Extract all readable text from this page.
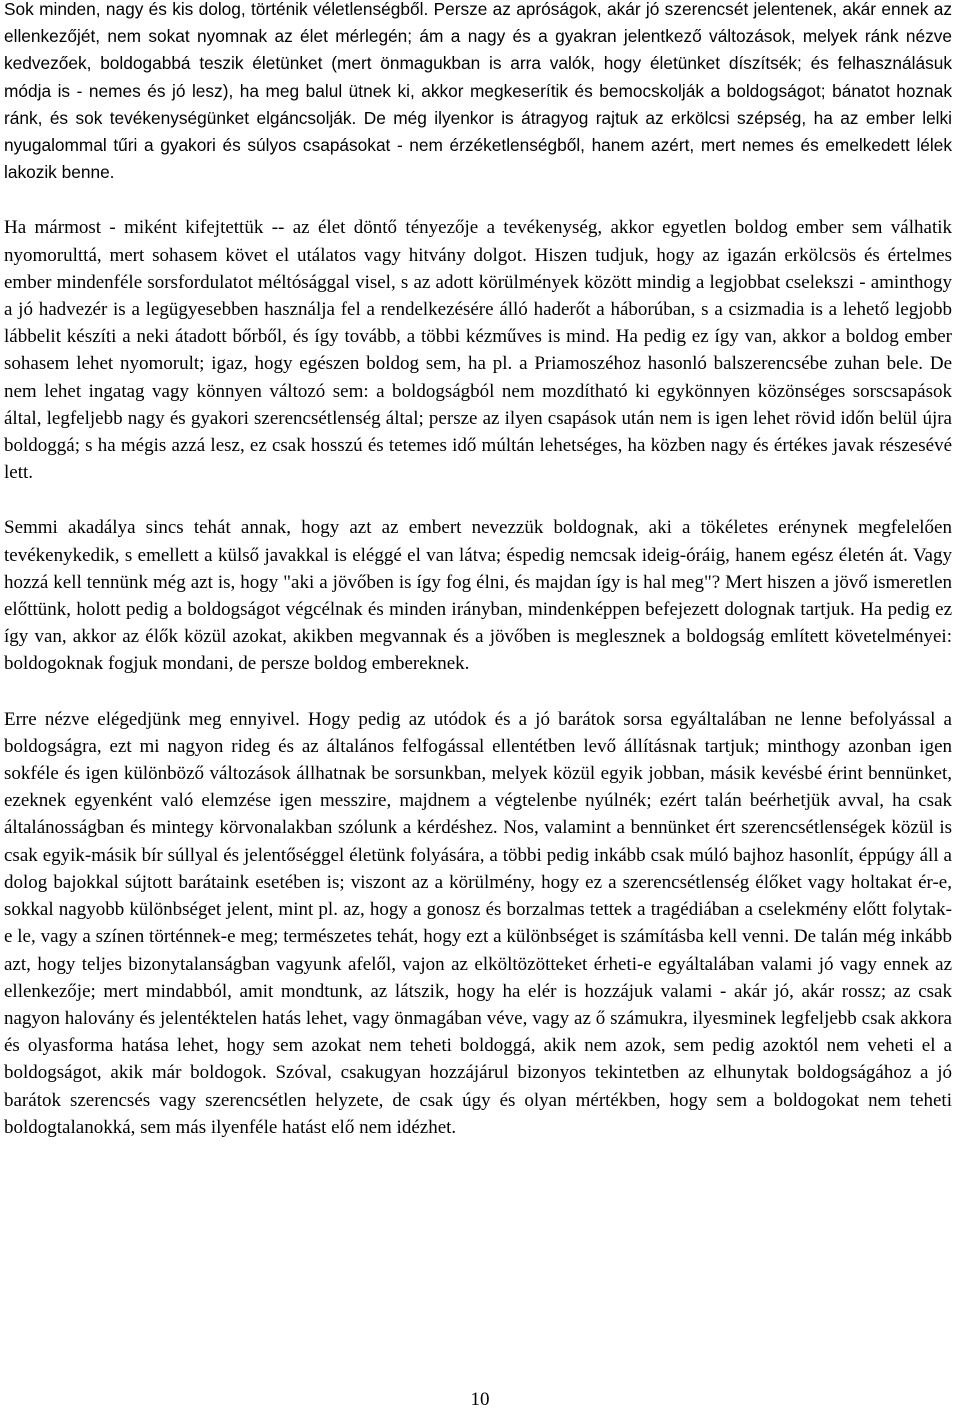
Sok minden, nagy és kis dolog, történik véletlenségből. Persze az apróságok, akár jó szerencsét jelentenek, akár ennek az ellenkezőjét, nem sokat nyomnak az élet mérlegén; ám a nagy és a gyakran jelentkező változások, melyek ránk nézve kedvezőek, boldogabbá teszik életünket (mert önmagukban is arra valók, hogy életünket díszítsék; és felhasználásuk módja is - nemes és jó lesz), ha meg balul ütnek ki, akkor megkeserítik és bemocskolják a boldogságot; bánatot hoznak ránk, és sok tevékenységünket elgáncsolják. De még ilyenkor is átragyog rajtuk az erkölcsi szépség, ha az ember lelki nyugalommal tűri a gyakori és súlyos csapásokat - nem érzéketlenségből, hanem azért, mert nemes és emelkedett lélek lakozik benne.

Ha mármost - miként kifejtettük -- az élet döntő tényezője a tevékenység, akkor egyetlen boldog ember sem válhatik nyomorulttá, mert sohasem követ el utálatos vagy hitvány dolgot. Hiszen tudjuk, hogy az igazán erkölcsös és értelmes ember mindenféle sorsfordulatot méltósággal visel, s az adott körülmények között mindig a legjobbat cselekszi - aminthogy a jó hadvezér is a legügyesebben használja fel a rendelkezésére álló haderőt a háborúban, s a csizmadia is a lehető legjobb lábbelit készíti a neki átadott bőrből, és így tovább, a többi kézműves is mind. Ha pedig ez így van, akkor a boldog ember sohasem lehet nyomorult; igaz, hogy egészen boldog sem, ha pl. a Priamoszéhoz hasonló balszerencsébe zuhan bele. De nem lehet ingatag vagy könnyen változó sem: a boldogságból nem mozdítható ki egykönnyen közönséges sorscsapások által, legfeljebb nagy és gyakori szerencsétlenség által; persze az ilyen csapások után nem is igen lehet rövid időn belül újra boldoggá; s ha mégis azzá lesz, ez csak hosszú és tetemes idő múltán lehetséges, ha közben nagy és értékes javak részesévé lett.

Semmi akadálya sincs tehát annak, hogy azt az embert nevezzük boldognak, aki a tökéletes erénynek megfelelően tevékenykedik, s emellett a külső javakkal is eléggé el van látva; éspedig nemcsak ideig-óráig, hanem egész életén át. Vagy hozzá kell tennünk még azt is, hogy "aki a jövőben is így fog élni, és majdan így is hal meg"? Mert hiszen a jövő ismeretlen előttünk, holott pedig a boldogságot végcélnak és minden irányban, mindenképpen befejezett dolognak tartjuk. Ha pedig ez így van, akkor az élők közül azokat, akikben megvannak és a jövőben is meglesznek a boldogság említett követelményei: boldogoknak fogjuk mondani, de persze boldog embereknek.

Erre nézve elégedjünk meg ennyivel. Hogy pedig az utódok és a jó barátok sorsa egyáltalában ne lenne befolyással a boldogságra, ezt mi nagyon rideg és az általános felfogással ellentétben levő állításnak tartjuk; minthogy azonban igen sokféle és igen különböző változások állhatnak be sorsunkban, melyek közül egyik jobban, másik kevésbé érint bennünket, ezeknek egyenként való elemzése igen messzire, majdnem a végtelenbe nyúlnék; ezért talán beérhetjük avval, ha csak általánosságban és mintegy körvonalakban szólunk a kérdéshez. Nos, valamint a bennünket ért szerencsétlenségek közül is csak egyik-másik bír súllyal és jelentőséggel életünk folyására, a többi pedig inkább csak múló bajhoz hasonlít, éppúgy áll a dolog bajokkal sújtott barátaink esetében is; viszont az a körülmény, hogy ez a szerencsétlenség élőket vagy holtakat ér-e, sokkal nagyobb különbséget jelent, mint pl. az, hogy a gonosz és borzalmas tettek a tragédiában a cselekmény előtt folytak-e le, vagy a színen történnek-e meg; természetes tehát, hogy ezt a különbséget is számításba kell venni. De talán még inkább azt, hogy teljes bizonytalanságban vagyunk afelől, vajon az elköltözötteket érheti-e egyáltalában valami jó vagy ennek az ellenkezője; mert mindabból, amit mondtunk, az látszik, hogy ha elér is hozzájuk valami - akár jó, akár rossz; az csak nagyon halovány és jelentéktelen hatás lehet, vagy önmagában véve, vagy az ő számukra, ilyesminek legfeljebb csak akkora és olyasforma hatása lehet, hogy sem azokat nem teheti boldoggá, akik nem azok, sem pedig azoktól nem veheti el a boldogságot, akik már boldogok. Szóval, csakugyan hozzájárul bizonyos tekintetben az elhunytak boldogságához a jó barátok szerencsés vagy szerencsétlen helyzete, de csak úgy és olyan mértékben, hogy sem a boldogokat nem teheti boldogtalanokká, sem más ilyenféle hatást elő nem idézhet.

10
